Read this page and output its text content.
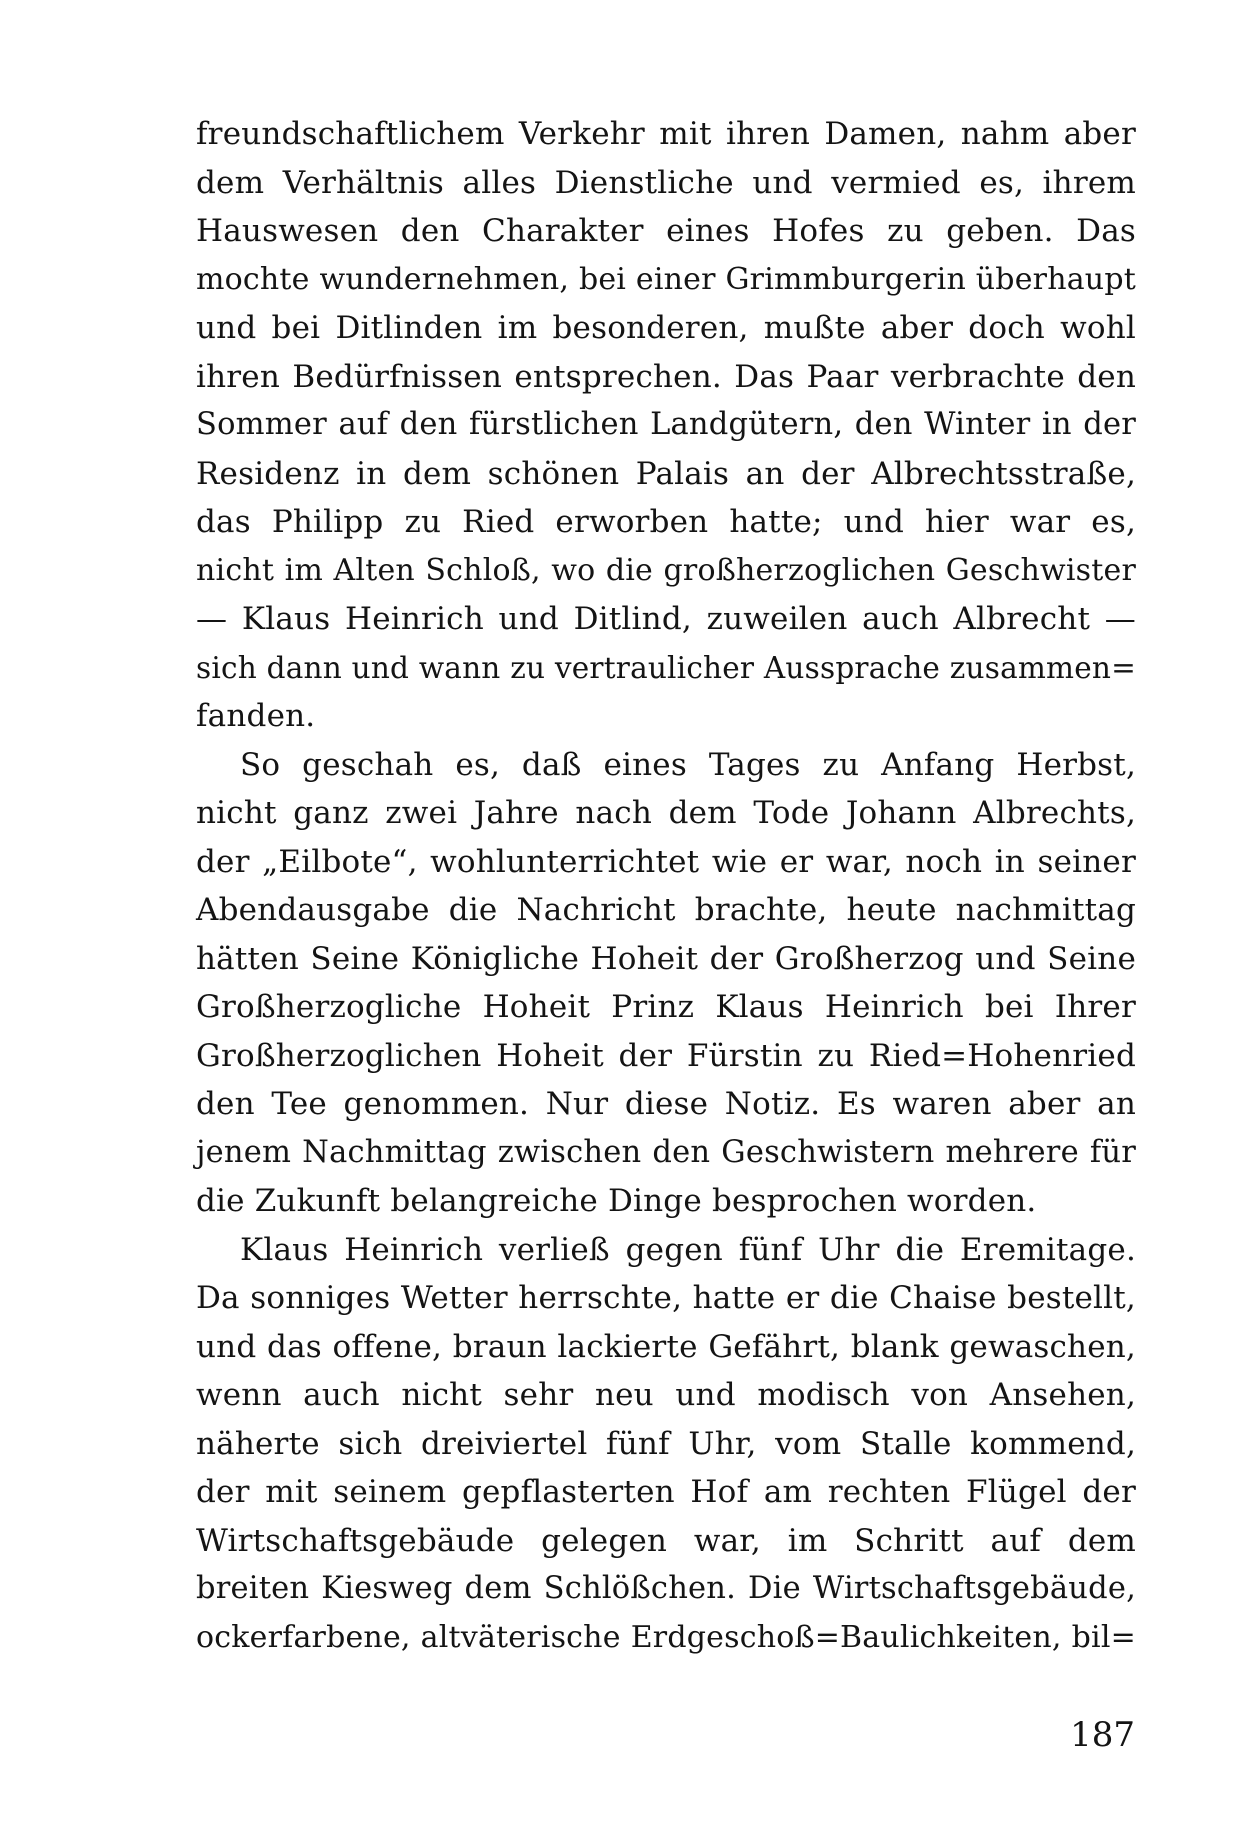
freundschaftlichem Verkehr mit ihren Damen, nahm aber
dem Verhältnis alles Dienstliche und vermied es, ihrem
Hauswesen den Charakter eines Hofes zu geben. Das
mochte wundernehmen, bei einer Grimmburgerin überhaupt
und bei Ditlinden im besonderen, mußte aber doch wohl
ihren Bedürfnissen entsprechen. Das Paar verbrachte den
Sommer auf den fürstlichen Landgütern, den Winter in der
Residenz in dem schönen Palais an der Albrechtsstraße,
das Philipp zu Ried erworben hatte; und hier war es,
nicht im Alten Schloß, wo die großherzoglichen Geschwister
— Klaus Heinrich und Ditlind, zuweilen auch Albrecht —
sich dann und wann zu vertraulicher Aussprache zusammen=
fanden.
So geschah es, daß eines Tages zu Anfang Herbst,
nicht ganz zwei Jahre nach dem Tode Johann Albrechts,
der „Eilbote“, wohlunterrichtet wie er war, noch in seiner
Abendausgabe die Nachricht brachte, heute nachmittag
hätten Seine Königliche Hoheit der Großherzog und Seine
Großherzogliche Hoheit Prinz Klaus Heinrich bei Ihrer
Großherzoglichen Hoheit der Fürstin zu Ried=Hohenried
den Tee genommen. Nur diese Notiz. Es waren aber an
jenem Nachmittag zwischen den Geschwistern mehrere für
die Zukunft belangreiche Dinge besprochen worden.
Klaus Heinrich verließ gegen fünf Uhr die Eremitage.
Da sonniges Wetter herrschte, hatte er die Chaise bestellt,
und das offene, braun lackierte Gefährt, blank gewaschen,
wenn auch nicht sehr neu und modisch von Ansehen,
näherte sich dreiviertel fünf Uhr, vom Stalle kommend,
der mit seinem gepflasterten Hof am rechten Flügel der
Wirtschaftsgebäude gelegen war, im Schritt auf dem
breiten Kiesweg dem Schlößchen. Die Wirtschaftsgebäude,
ockerfarbene, altväterische Erdgeschoß=Baulichkeiten, bil=
187
